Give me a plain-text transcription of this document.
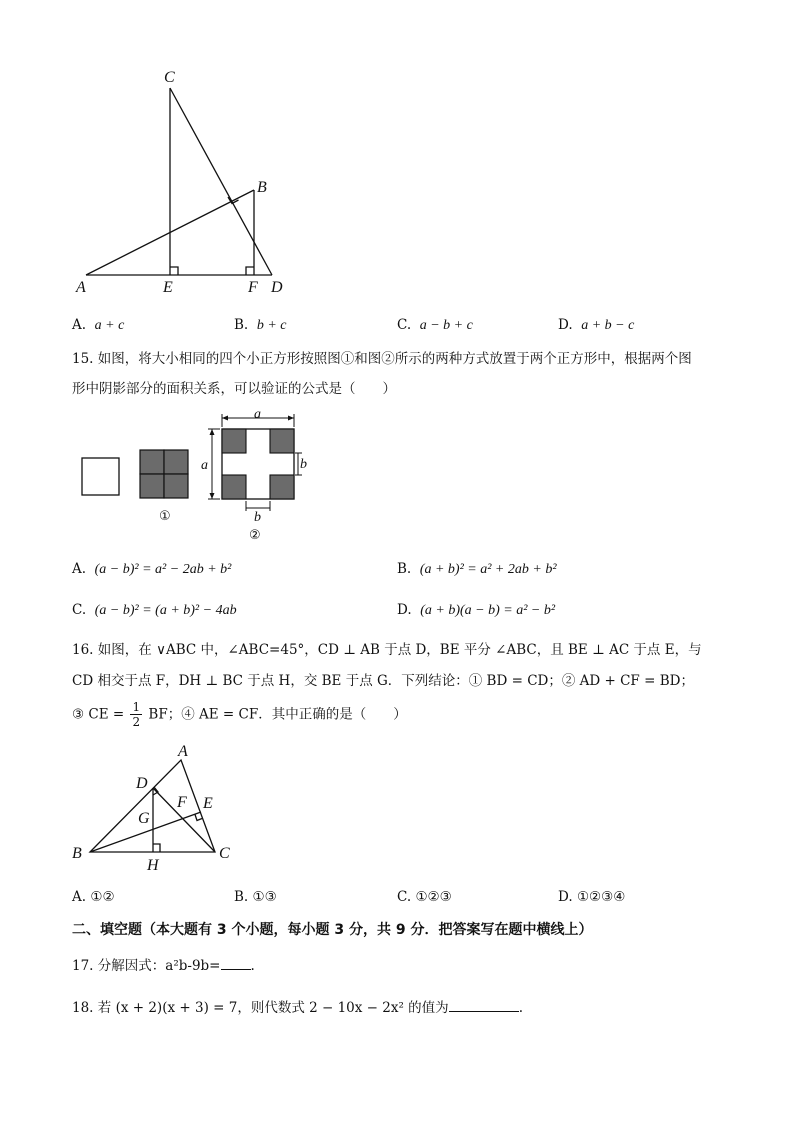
C
B
A	E	F D
A. a + c	B. b + c	C. a − b + c	D. a + b − c
15. 如图，将大小相同的四个小正方形按照图①和图②所示的两种方式放置于两个正方形中，根据两个图
形中阴影部分的面积关系，可以验证的公式是（　　）
①
a
a	b
b
②
A. (a − b)² = a² − 2ab + b²	B. (a + b)² = a² + 2ab + b²
C. (a − b)² = (a + b)² − 4ab	D. (a + b)(a − b) = a² − b²
16. 如图，在 ∨ABC 中，∠ABC=45°，CD ⊥ AB 于点 D，BE 平分 ∠ABC，且 BE ⊥ AC 于点 E，与
CD 相交于点 F，DH ⊥ BC 于点 H，交 BE 于点 G．下列结论：① BD = CD；② AD + CF = BD；
③ CE = $\frac{1}{2}$ BF；④ AE = CF．其中正确的是（　　）
A
D
F E
G
B	C
H
A. ①②	B. ①③	C. ①②③	D. ①②③④
二、填空题（本大题有 3 个小题，每小题 3 分，共 9 分．把答案写在题中横线上）
17. 分解因式：a²b-9b= .
18. 若 (x + 2)(x + 3) = 7，则代数式 2 − 10x − 2x² 的值为	.
